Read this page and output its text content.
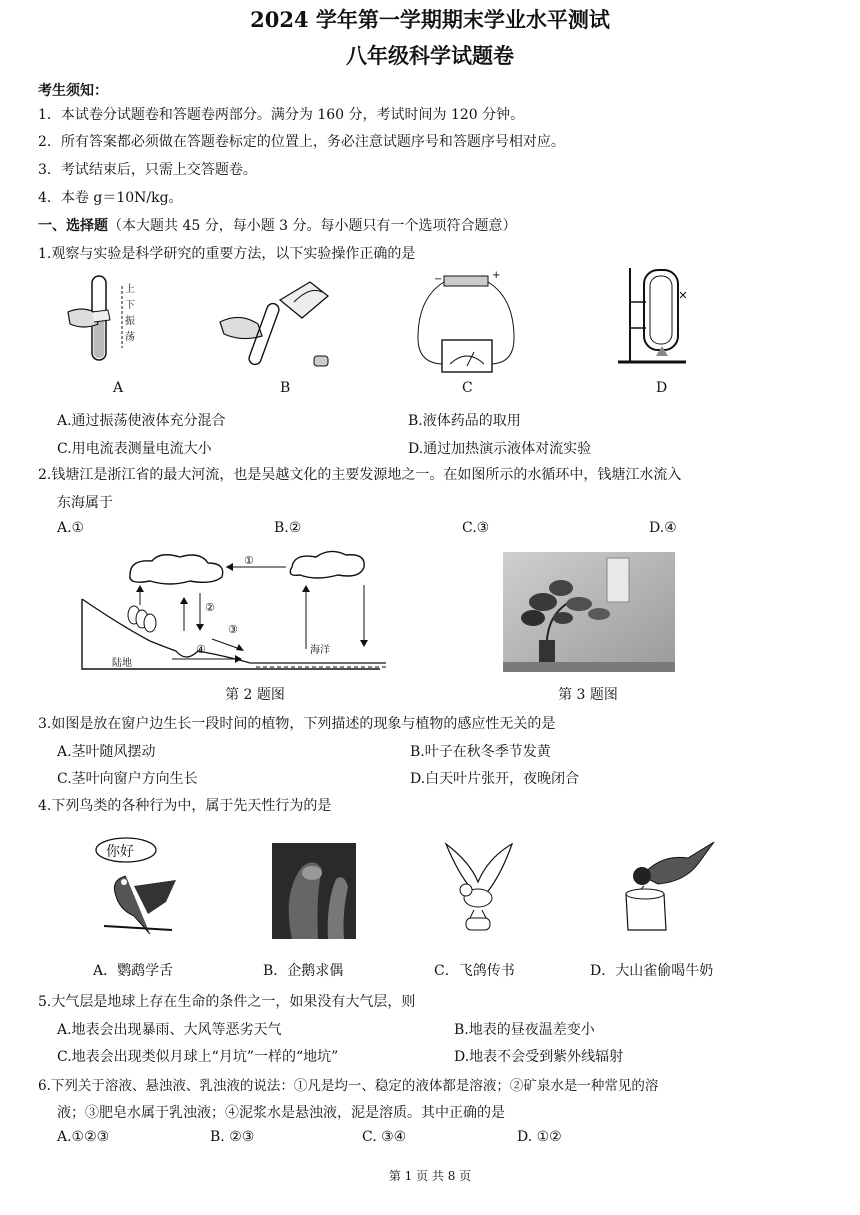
2024 学年第一学期期末学业水平测试
八年级科学试题卷
考生须知：
1．本试卷分试题卷和答题卷两部分。满分为 160 分，考试时间为 120 分钟。
2．所有答案都必须做在答题卷标定的位置上，务必注意试题序号和答题序号相对应。
3．考试结束后，只需上交答题卷。
4．本卷 g＝10N/kg。
一、选择题（本大题共 45 分，每小题 3 分。每小题只有一个选项符合题意）
1.观察与实验是科学研究的重要方法，以下实验操作正确的是
上
下
振
荡
−	+
A	B	C	D
A.通过振荡使液体充分混合	B.液体药品的取用
C.用电流表测量电流大小	D.通过加热演示液体对流实验
2.钱塘江是浙江省的最大河流，也是吴越文化的主要发源地之一。在如图所示的水循环中，钱塘江水流入
东海属于
A.①	B.②	C.③	D.④
①
②
③
④
陆地
海洋
第 2 题图	第 3 题图
3.如图是放在窗户边生长一段时间的植物，下列描述的现象与植物的感应性无关的是
A.茎叶随风摆动	B.叶子在秋冬季节发黄
C.茎叶向窗户方向生长	D.白天叶片张开，夜晚闭合
4.下列鸟类的各种行为中，属于先天性行为的是
你好
A．鹦鹉学舌	B．企鹅求偶	C．飞鸽传书	D．大山雀偷喝牛奶
5.大气层是地球上存在生命的条件之一，如果没有大气层，则
A.地表会出现暴雨、大风等恶劣天气	B.地表的昼夜温差变小
C.地表会出现类似月球上“月坑”一样的“地坑”	D.地表不会受到紫外线辐射
6.下列关于溶液、悬浊液、乳浊液的说法：①凡是均一、稳定的液体都是溶液；②矿泉水是一种常见的溶
液；③肥皂水属于乳浊液；④泥浆水是悬浊液，泥是溶质。其中正确的是
A.①②③	B. ②③	C. ③④	D. ①②
第 1 页 共 8 页
